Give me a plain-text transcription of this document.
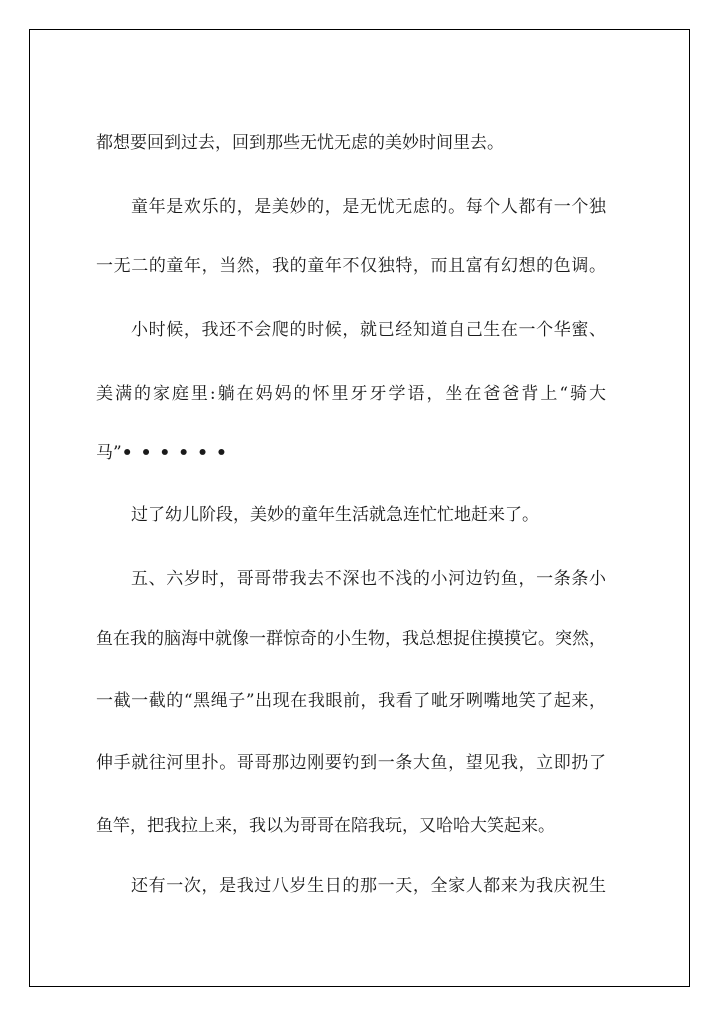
都想要回到过去，回到那些无忧无虑的美妙时间里去。
童年是欢乐的，是美妙的，是无忧无虑的。每个人都有一个独
一无二的童年，当然，我的童年不仅独特，而且富有幻想的色调。
小时候，我还不会爬的时候，就已经知道自己生在一个华蜜、
美满的家庭里:躺在妈妈的怀里牙牙学语，坐在爸爸背上“骑大
马”••••••
过了幼儿阶段，美妙的童年生活就急连忙忙地赶来了。
五、六岁时，哥哥带我去不深也不浅的小河边钓鱼，一条条小
鱼在我的脑海中就像一群惊奇的小生物，我总想捉住摸摸它。突然，
一截一截的“黑绳子”出现在我眼前，我看了呲牙咧嘴地笑了起来，
伸手就往河里扑。哥哥那边刚要钓到一条大鱼，望见我，立即扔了
鱼竿，把我拉上来，我以为哥哥在陪我玩，又哈哈大笑起来。
还有一次，是我过八岁生日的那一天，全家人都来为我庆祝生
